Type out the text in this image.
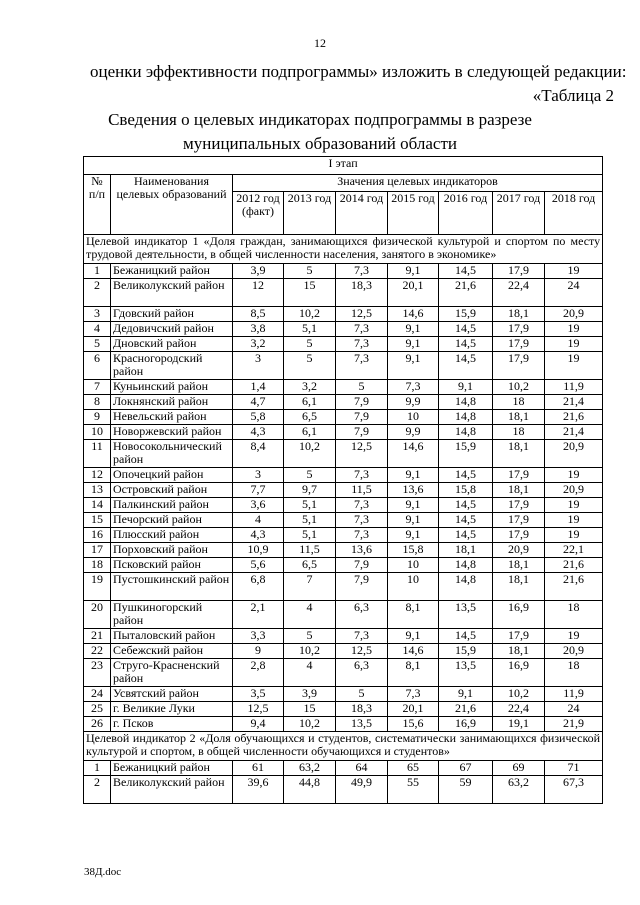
12
оценки эффективности подпрограммы» изложить в следующей редакции:
«Таблица 2
Сведения о целевых индикаторах подпрограммы в разрезе
муниципальных образований области
I этап								
№ п/п	Наименования целевых образований	Значения целевых индикаторов						
		2012 год (факт)	2013 год	2014 год	2015 год	2016 год	2017 год	2018 год
Целевой индикатор 1 «Доля граждан, занимающихся физической культурой и спортом по месту трудовой деятельности, в общей численности населения, занятого в экономике»								
1	Бежаницкий район	3,9	5	7,3	9,1	14,5	17,9	19
2	Великолукский район	12	15	18,3	20,1	21,6	22,4	24
3	Гдовский район	8,5	10,2	12,5	14,6	15,9	18,1	20,9
4	Дедовичский район	3,8	5,1	7,3	9,1	14,5	17,9	19
5	Дновский район	3,2	5	7,3	9,1	14,5	17,9	19
6	Красногородский район	3	5	7,3	9,1	14,5	17,9	19
7	Куньинский район	1,4	3,2	5	7,3	9,1	10,2	11,9
8	Локнянский район	4,7	6,1	7,9	9,9	14,8	18	21,4
9	Невельский район	5,8	6,5	7,9	10	14,8	18,1	21,6
10	Новоржевский район	4,3	6,1	7,9	9,9	14,8	18	21,4
11	Новосокольнический район	8,4	10,2	12,5	14,6	15,9	18,1	20,9
12	Опочецкий район	3	5	7,3	9,1	14,5	17,9	19
13	Островский район	7,7	9,7	11,5	13,6	15,8	18,1	20,9
14	Палкинский район	3,6	5,1	7,3	9,1	14,5	17,9	19
15	Печорский район	4	5,1	7,3	9,1	14,5	17,9	19
16	Плюсский район	4,3	5,1	7,3	9,1	14,5	17,9	19
17	Порховский район	10,9	11,5	13,6	15,8	18,1	20,9	22,1
18	Псковский район	5,6	6,5	7,9	10	14,8	18,1	21,6
19	Пустошкинский район	6,8	7	7,9	10	14,8	18,1	21,6
20	Пушкиногорский район	2,1	4	6,3	8,1	13,5	16,9	18
21	Пыталовский район	3,3	5	7,3	9,1	14,5	17,9	19
22	Себежский район	9	10,2	12,5	14,6	15,9	18,1	20,9
23	Струго-Красненский район	2,8	4	6,3	8,1	13,5	16,9	18
24	Усвятский район	3,5	3,9	5	7,3	9,1	10,2	11,9
25	г. Великие Луки	12,5	15	18,3	20,1	21,6	22,4	24
26	г. Псков	9,4	10,2	13,5	15,6	16,9	19,1	21,9
Целевой индикатор 2 «Доля обучающихся и студентов, систематически занимающихся физической культурой и спортом, в общей численности обучающихся и студентов»								
1	Бежаницкий район	61	63,2	64	65	67	69	71
2	Великолукский район	39,6	44,8	49,9	55	59	63,2	67,3
38Д.doc
